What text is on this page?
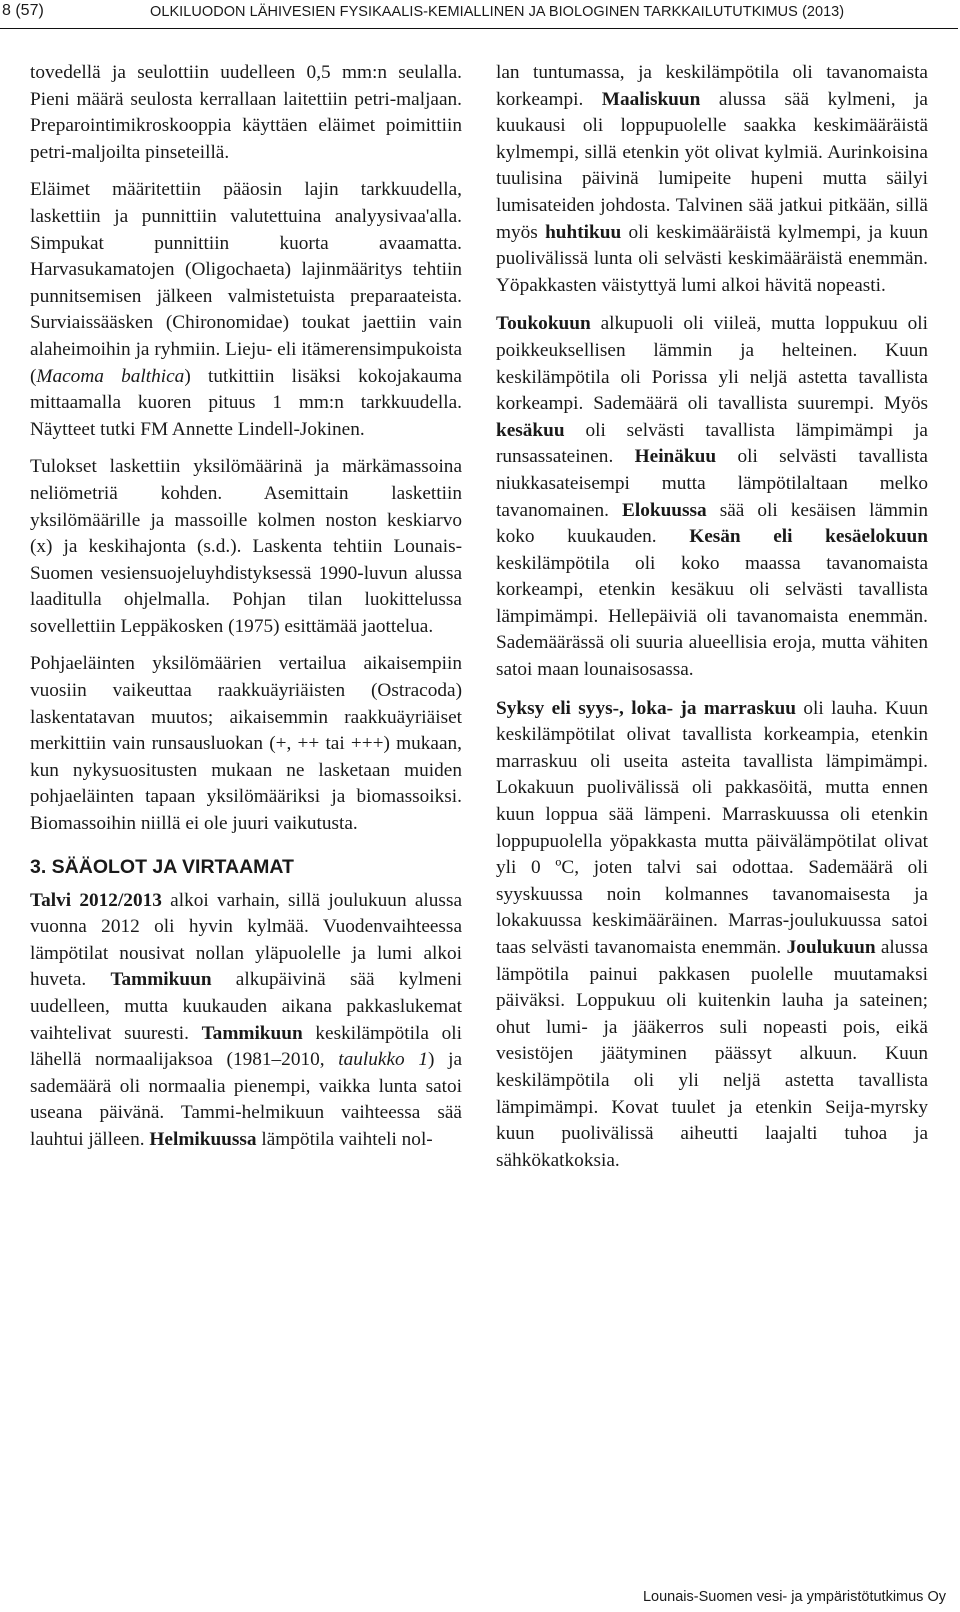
8 (57)	OLKILUODON LÄHIVESIEN FYSIKAALIS-KEMIALLINEN JA BIOLOGINEN TARKKAILUTUTKIMUS (2013)

tovedellä ja seulottiin uudelleen 0,5 mm:n seulalla. Pieni määrä seulosta kerrallaan laitettiin petri-maljaan. Preparointimikroskooppia käyttäen eläimet poimittiin petri-maljoilta pinseteillä.

Eläimet määritettiin pääosin lajin tarkkuudella, laskettiin ja punnittiin valutettuina analyysivaa'alla. Simpukat punnittiin kuorta avaamatta. Harvasukamatojen (Oligochaeta) lajinmääritys tehtiin punnitsemisen jälkeen valmistetuista preparaateista. Surviaissääsken (Chironomidae) toukat jaettiin vain alaheimoihin ja ryhmiin. Lieju- eli itämerensimpukoista (Macoma balthica) tutkittiin lisäksi kokojakauma mittaamalla kuoren pituus 1 mm:n tarkkuudella. Näytteet tutki FM Annette Lindell-Jokinen.

Tulokset laskettiin yksilömäärinä ja märkämassoina neliömetriä kohden. Asemittain laskettiin yksilömäärille ja massoille kolmen noston keskiarvo (x) ja keskihajonta (s.d.). Laskenta tehtiin Lounais-Suomen vesiensuojeluyhdistyksessä 1990-luvun alussa laaditulla ohjelmalla. Pohjan tilan luokittelussa sovellettiin Leppäkosken (1975) esittämää jaottelua.

Pohjaeläinten yksilömäärien vertailua aikaisempiin vuosiin vaikeuttaa raakkuäyriäisten (Ostracoda) laskentatavan muutos; aikaisemmin raakkuäyriäiset merkittiin vain runsausluokan (+, ++ tai +++) mukaan, kun nykysuositusten mukaan ne lasketaan muiden pohjaeläinten tapaan yksilömääriksi ja biomassoiksi. Biomassoihin niillä ei ole juuri vaikutusta.

3. SÄÄOLOT JA VIRTAAMAT

Talvi 2012/2013 alkoi varhain, sillä joulukuun alussa vuonna 2012 oli hyvin kylmää. Vuodenvaihteessa lämpötilat nousivat nollan yläpuolelle ja lumi alkoi huveta. Tammikuun alkupäivinä sää kylmeni uudelleen, mutta kuukauden aikana pakkaslukemat vaihtelivat suuresti. Tammikuun keskilämpötila oli lähellä normaalijaksoa (1981–2010, taulukko 1) ja sademäärä oli normaalia pienempi, vaikka lunta satoi useana päivänä. Tammi-helmikuun vaihteessa sää lauhtui jälleen. Helmikuussa lämpötila vaihteli nol-

lan tuntumassa, ja keskilämpötila oli tavanomaista korkeampi. Maaliskuun alussa sää kylmeni, ja kuukausi oli loppupuolelle saakka keskimääräistä kylmempi, sillä etenkin yöt olivat kylmiä. Aurinkoisina tuulisina päivinä lumipeite hupeni mutta säilyi lumisateiden johdosta. Talvinen sää jatkui pitkään, sillä myös huhtikuu oli keskimääräistä kylmempi, ja kuun puolivälissä lunta oli selvästi keskimääräistä enemmän. Yöpakkasten väistyttyä lumi alkoi hävitä nopeasti.

Toukokuun alkupuoli oli viileä, mutta loppukuu oli poikkeuksellisen lämmin ja helteinen. Kuun keskilämpötila oli Porissa yli neljä astetta tavallista korkeampi. Sademäärä oli tavallista suurempi. Myös kesäkuu oli selvästi tavallista lämpimämpi ja runsassateinen. Heinäkuu oli selvästi tavallista niukkasateisempi mutta lämpötilaltaan melko tavanomainen. Elokuussa sää oli kesäisen lämmin koko kuukauden. Kesän eli kesäelokuun keskilämpötila oli koko maassa tavanomaista korkeampi, etenkin kesäkuu oli selvästi tavallista lämpimämpi. Hellepäiviä oli tavanomaista enemmän. Sademäärässä oli suuria alueellisia eroja, mutta vähiten satoi maan lounaisosassa.

Syksy eli syys-, loka- ja marraskuu oli lauha. Kuun keskilämpötilat olivat tavallista korkeampia, etenkin marraskuu oli useita asteita tavallista lämpimämpi. Lokakuun puolivälissä oli pakkasöitä, mutta ennen kuun loppua sää lämpeni. Marraskuussa oli etenkin loppupuolella yöpakkasta mutta päivälämpötilat olivat yli 0 ºC, joten talvi sai odottaa. Sademäärä oli syyskuussa noin kolmannes tavanomaisesta ja lokakuussa keskimääräinen. Marras-joulukuussa satoi taas selvästi tavanomaista enemmän. Joulukuun alussa lämpötila painui pakkasen puolelle muutamaksi päiväksi. Loppukuu oli kuitenkin lauha ja sateinen; ohut lumi- ja jääkerros suli nopeasti pois, eikä vesistöjen jäätyminen päässyt alkuun. Kuun keskilämpötila oli yli neljä astetta tavallista lämpimämpi. Kovat tuulet ja etenkin Seija-myrsky kuun puolivälissä aiheutti laajalti tuhoa ja sähkökatkoksia.

Lounais-Suomen vesi- ja ympäristötutkimus Oy
